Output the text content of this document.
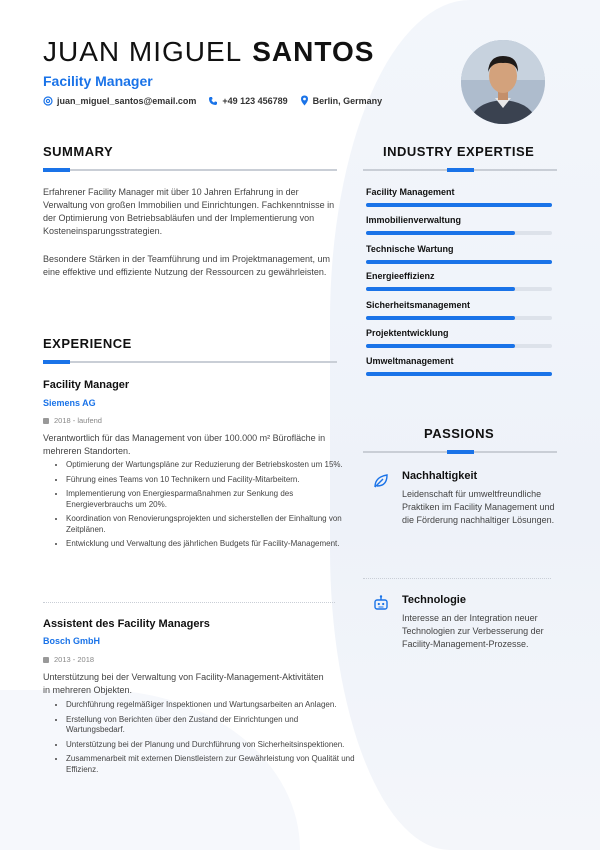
JUAN MIGUEL SANTOS
Facility Manager
juan_miguel_santos@email.com	+49 123 456789	Berlin, Germany
SUMMARY
Erfahrener Facility Manager mit über 10 Jahren Erfahrung in der Verwaltung von großen Immobilien und Einrichtungen. Fachkenntnisse in der Optimierung von Betriebsabläufen und der Implementierung von Kosteneinsparungsstrategien.
Besondere Stärken in der Teamführung und im Projektmanagement, um eine effektive und effiziente Nutzung der Ressourcen zu gewährleisten.
EXPERIENCE
Facility Manager
Siemens AG
2018 - laufend
Verantwortlich für das Management von über 100.000 m² Bürofläche in mehreren Standorten.
• Optimierung der Wartungspläne zur Reduzierung der Betriebskosten um 15%.
• Führung eines Teams von 10 Technikern und Facility-Mitarbeitern.
• Implementierung von Energiesparmaßnahmen zur Senkung des Energieverbrauchs um 20%.
• Koordination von Renovierungsprojekten und sicherstellen der Einhaltung von Zeitplänen.
• Entwicklung und Verwaltung des jährlichen Budgets für Facility-Management.
Assistent des Facility Managers
Bosch GmbH
2013 - 2018
Unterstützung bei der Verwaltung von Facility-Management-Aktivitäten in mehreren Objekten.
• Durchführung regelmäßiger Inspektionen und Wartungsarbeiten an Anlagen.
• Erstellung von Berichten über den Zustand der Einrichtungen und Wartungsbedarf.
• Unterstützung bei der Planung und Durchführung von Sicherheitsinspektionen.
• Zusammenarbeit mit externen Dienstleistern zur Gewährleistung von Qualität und Effizienz.
INDUSTRY EXPERTISE
Facility Management
Immobilienverwaltung
Technische Wartung
Energieeffizienz
Sicherheitsmanagement
Projektentwicklung
Umweltmanagement
PASSIONS
Nachhaltigkeit
Leidenschaft für umweltfreundliche Praktiken im Facility Management und die Förderung nachhaltiger Lösungen.
Technologie
Interesse an der Integration neuer Technologien zur Verbesserung der Facility-Management-Prozesse.
